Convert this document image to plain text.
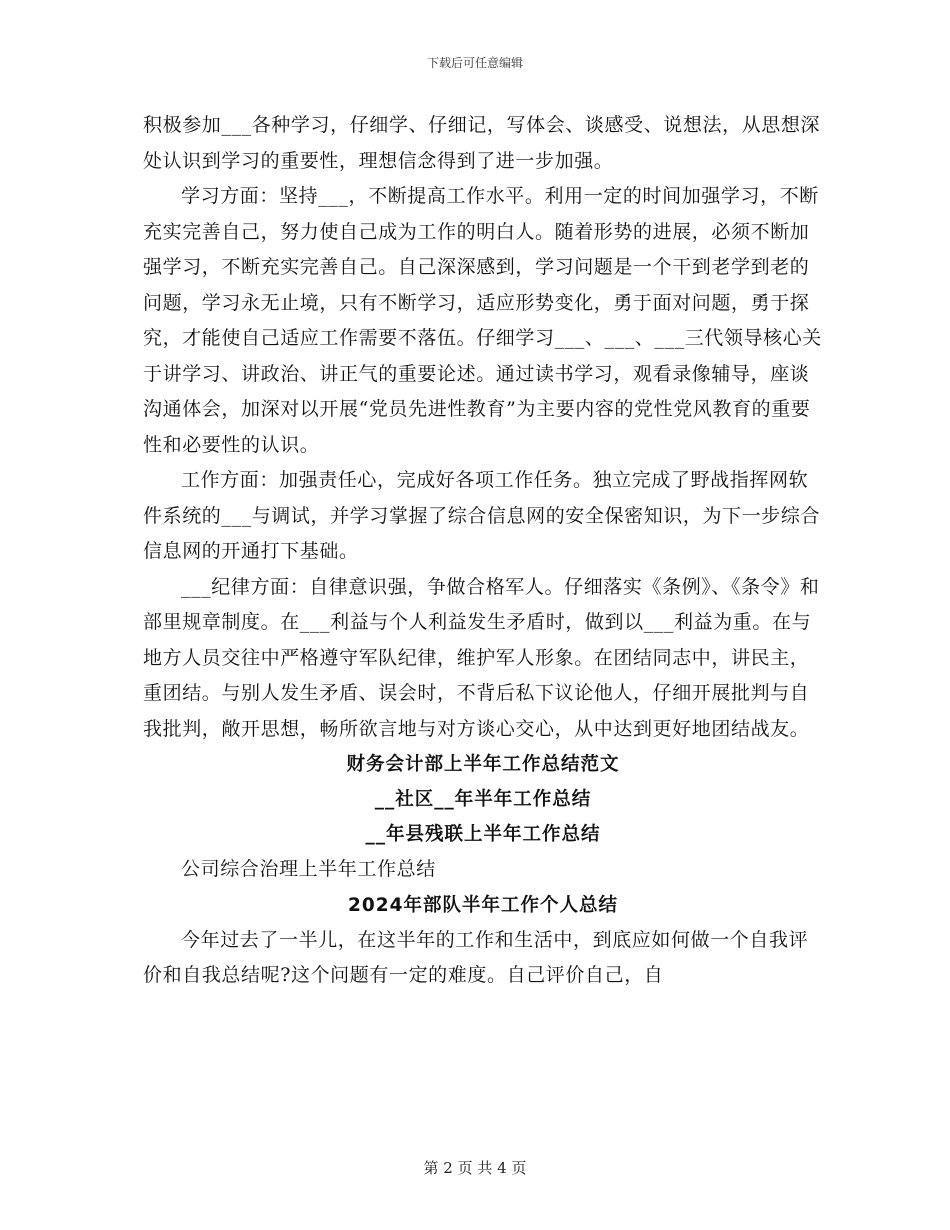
下载后可任意编辑

积极参加___各种学习，仔细学、仔细记，写体会、谈感受、说想法，从思想深处认识到学习的重要性，理想信念得到了进一步加强。

学习方面：坚持___，不断提高工作水平。利用一定的时间加强学习，不断充实完善自己，努力使自己成为工作的明白人。随着形势的进展，必须不断加强学习，不断充实完善自己。自己深深感到，学习问题是一个干到老学到老的问题，学习永无止境，只有不断学习，适应形势变化，勇于面对问题，勇于探究，才能使自己适应工作需要不落伍。仔细学习___、___、___三代领导核心关于讲学习、讲政治、讲正气的重要论述。通过读书学习，观看录像辅导，座谈沟通体会，加深对以开展“党员先进性教育”为主要内容的党性党风教育的重要性和必要性的认识。

工作方面：加强责任心，完成好各项工作任务。独立完成了野战指挥网软件系统的___与调试，并学习掌握了综合信息网的安全保密知识，为下一步综合信息网的开通打下基础。

___纪律方面：自律意识强，争做合格军人。仔细落实《条例》、《条令》和部里规章制度。在___利益与个人利益发生矛盾时，做到以___利益为重。在与地方人员交往中严格遵守军队纪律，维护军人形象。在团结同志中，讲民主，重团结。与别人发生矛盾、误会时，不背后私下议论他人，仔细开展批判与自我批判，敞开思想，畅所欲言地与对方谈心交心，从中达到更好地团结战友。

财务会计部上半年工作总结范文

__社区__年半年工作总结

__年县残联上半年工作总结

公司综合治理上半年工作总结

2024年部队半年工作个人总结

今年过去了一半儿，在这半年的工作和生活中，到底应如何做一个自我评价和自我总结呢?这个问题有一定的难度。自己评价自己，自

第 2 页 共 4 页
